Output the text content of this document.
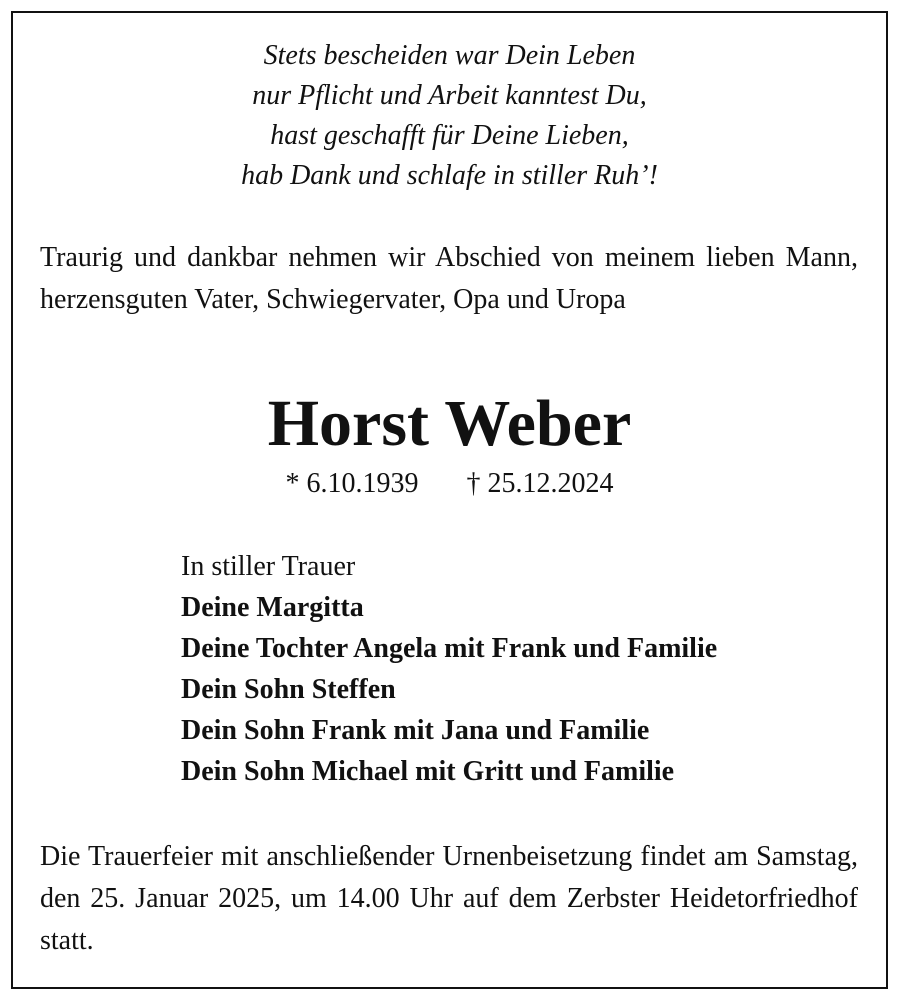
Stets bescheiden war Dein Leben
nur Pflicht und Arbeit kanntest Du,
hast geschafft für Deine Lieben,
hab Dank und schlafe in stiller Ruh’!
Traurig und dankbar nehmen wir Abschied von meinem lieben Mann, herzensguten Vater, Schwiegervater, Opa und Uropa
Horst Weber
* 6.10.1939 † 25.12.2024
In stiller Trauer
Deine Margitta
Deine Tochter Angela mit Frank und Familie
Dein Sohn Steffen
Dein Sohn Frank mit Jana und Familie
Dein Sohn Michael mit Gritt und Familie
Die Trauerfeier mit anschließender Urnenbeisetzung findet am Samstag, den 25. Januar 2025, um 14.00 Uhr auf dem Zerbster Heidetorfriedhof statt.
